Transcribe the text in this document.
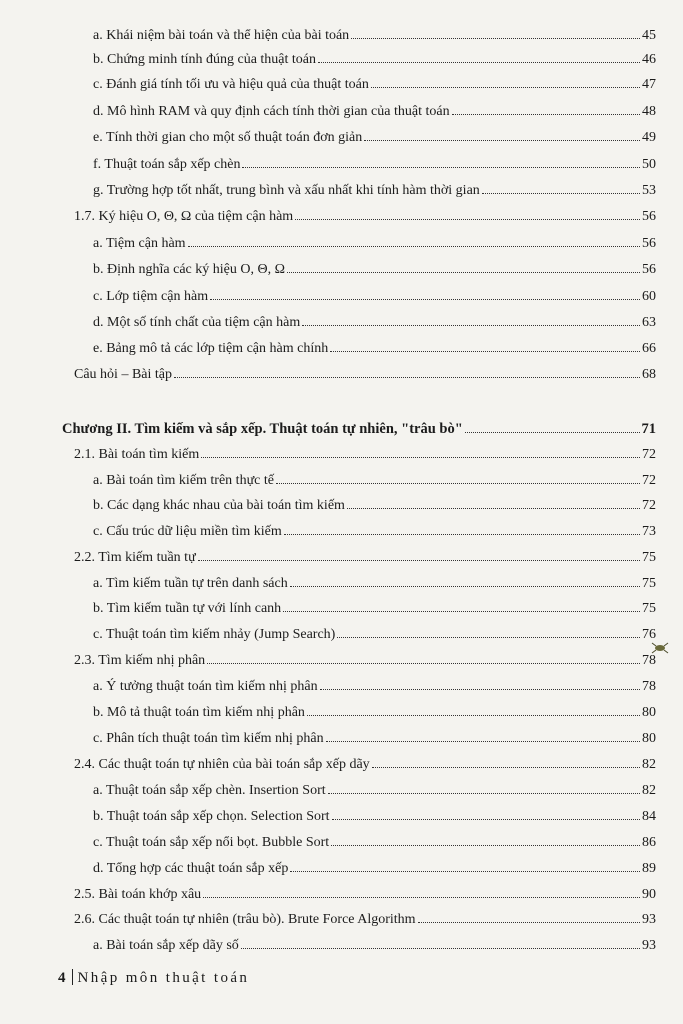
a. Khái niệm bài toán và thể hiện của bài toán	45
b. Chứng minh tính đúng của thuật toán	46
c. Đánh giá tính tối ưu và hiệu quả của thuật toán	47
d. Mô hình RAM và quy định cách tính thời gian của thuật toán	48
e. Tính thời gian cho một số thuật toán đơn giản	49
f. Thuật toán sắp xếp chèn	50
g. Trường hợp tốt nhất, trung bình và xấu nhất khi tính hàm thời gian	53
1.7. Ký hiệu O, Θ, Ω của tiệm cận hàm	56
a. Tiệm cận hàm	56
b. Định nghĩa các ký hiệu O, Θ, Ω	56
c. Lớp tiệm cận hàm	60
d. Một số tính chất của tiệm cận hàm	63
e. Bảng mô tả các lớp tiệm cận hàm chính	66
Câu hỏi – Bài tập	68
Chương II. Tìm kiếm và sắp xếp. Thuật toán tự nhiên, "trâu bò"	71
2.1. Bài toán tìm kiếm	72
a. Bài toán tìm kiếm trên thực tế	72
b. Các dạng khác nhau của bài toán tìm kiếm	72
c. Cấu trúc dữ liệu miền tìm kiếm	73
2.2. Tìm kiếm tuần tự	75
a. Tìm kiếm tuần tự trên danh sách	75
b. Tìm kiếm tuần tự với lính canh	75
c. Thuật toán tìm kiếm nhảy (Jump Search)	76
2.3. Tìm kiếm nhị phân	78
a. Ý tưởng thuật toán tìm kiếm nhị phân	78
b. Mô tả thuật toán tìm kiếm nhị phân	80
c. Phân tích thuật toán tìm kiếm nhị phân	80
2.4. Các thuật toán tự nhiên của bài toán sắp xếp dãy	82
a. Thuật toán sắp xếp chèn. Insertion Sort	82
b. Thuật toán sắp xếp chọn. Selection Sort	84
c. Thuật toán sắp xếp nổi bọt. Bubble Sort	86
d. Tổng hợp các thuật toán sắp xếp	89
2.5. Bài toán khớp xâu	90
2.6. Các thuật toán tự nhiên (trâu bò). Brute Force Algorithm	93
a. Bài toán sắp xếp dãy số	93
4 Nhập môn thuật toán
